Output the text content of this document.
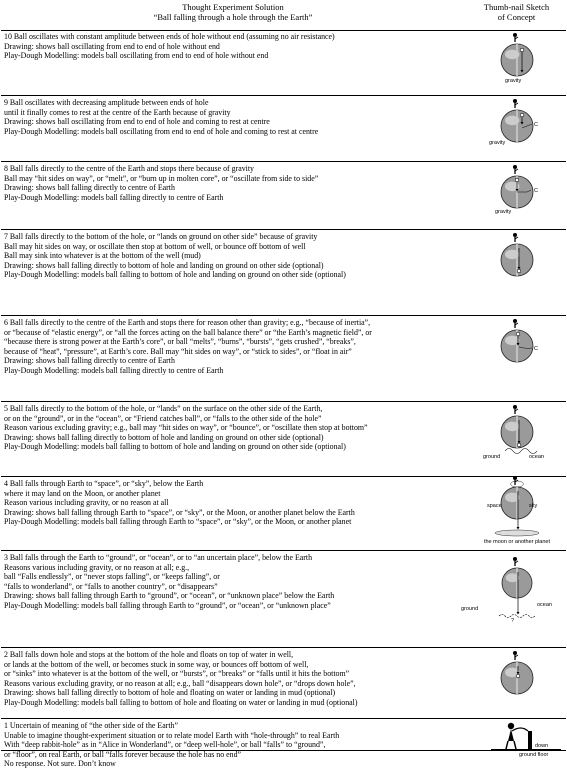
Thought Experiment Solution
“Ball falling through a hole through the Earth”
Thumb-nail Sketch
of Concept
10 Ball oscillates with constant amplitude between ends of hole without end (assuming no air resistance)
Drawing: shows ball oscillating from end to end of hole without end
Play-Dough Modelling: models ball oscillating from end to end of hole without end
gravity
9 Ball oscillates with decreasing amplitude between ends of hole
until it finally comes to rest at the centre of the Earth because of gravity
Drawing: shows ball oscillating from end to end of hole and coming to rest at centre
Play-Dough Modelling: models ball oscillating from end to end of hole and coming to rest at centre
C
gravity
8 Ball falls directly to the centre of the Earth and stops there because of gravity
Ball may “hit sides on way”, or “melt”, or “burn up in molten core”, or “oscillate from side to side”
Drawing: shows ball falling directly to centre of Earth
Play-Dough Modelling: models ball falling directly to centre of Earth
C
gravity
7 Ball falls directly to the bottom of the hole, or “lands on ground on other side” because of gravity
Ball may hit sides on way, or oscillate then stop at bottom of well, or bounce off bottom of well
Ball may sink into whatever is at the bottom of the well (mud)
Drawing: shows ball falling directly to bottom of hole and landing on ground on other side (optional)
Play-Dough Modelling: models ball falling to bottom of hole and landing on ground on other side (optional)
6 Ball falls directly to the centre of the Earth and stops there for reason other than gravity; e.g., “because of inertia”,
or “because of “elastic energy”, or “all the forces acting on the ball balance there” or “the Earth’s magnetic field”, or
“because there is strong power at the Earth’s core”, or ball “melts”, “burns”, “bursts”, “gets crushed”, “breaks”,
because of “heat”, “pressure”, at Earth’s core. Ball may “hit sides on way”, or “stick to sides”, or “float in air”
Drawing: shows ball falling directly to centre of Earth
Play-Dough Modelling: models ball falling directly to centre of Earth
C
5 Ball falls directly to the bottom of the hole, or “lands” on the surface on the other side of the Earth,
or on the “ground”, or in the “ocean”, or “Friend catches ball”, or “falls to the other side of the hole”
Reason various excluding gravity; e.g., ball may “hit sides on way”, or “bounce”, or “oscillate then stop at bottom”
Drawing: shows ball falling directly to bottom of hole and landing on ground on other side (optional)
Play-Dough Modelling: models ball falling to bottom of hole and landing on ground on other side (optional)
ground	ocean
4 Ball falls through Earth to “space”, or “sky”, below the Earth
where it may land on the Moon, or another planet
Reason various including gravity, or no reason at all
Drawing: shows ball falling through Earth to “space”, or “sky”, or the Moon, or another planet below the Earth
Play-Dough Modelling: models ball falling through Earth to “space”, or “sky”, or the Moon, or another planet
space	sky
the moon or another planet
3 Ball falls through the Earth to “ground”, or “ocean”, or to “an uncertain place”, below the Earth
Reasons various including gravity, or no reason at all; e.g.,
ball “Falls endlessly”, or “never stops falling”, or “keeps falling”, or
“falls to wonderland”, or “falls to another country”, or “disappears”
Drawing: shows ball falling through Earth to “ground”, or “ocean”, or “unknown place” below the Earth
Play-Dough Modelling: models ball falling through Earth to “ground”, or “ocean”, or “unknown place”	ground
ocean
?
2 Ball falls down hole and stops at the bottom of the hole and floats on top of water in well,
or lands at the bottom of the well, or becomes stuck in some way, or bounces off bottom of well,
or “sinks” into whatever is at the bottom of the well, or “bursts”, or “breaks” or “falls until it hits the bottom”
Reasons various excluding gravity, or no reason at all; e.g., ball “disappears down hole”, or “drops down hole”,
Drawing: shows ball falling directly to bottom of hole and floating on water or landing in mud (optional)
Play-Dough Modelling: models ball falling to bottom of hole and floating on water or landing in mud (optional)
1 Uncertain of meaning of “the other side of the Earth”
Unable to imagine thought-experiment situation or to relate model Earth with “hole-through” to real Earth
With “deep rabbit-hole” as in “Alice in Wonderland”, or “deep well-hole”, or ball “falls” to “ground”,
or “floor”, on real Earth, or ball “falls forever because the hole has no end”
No response. Not sure. Don’t know
down
ground floor
